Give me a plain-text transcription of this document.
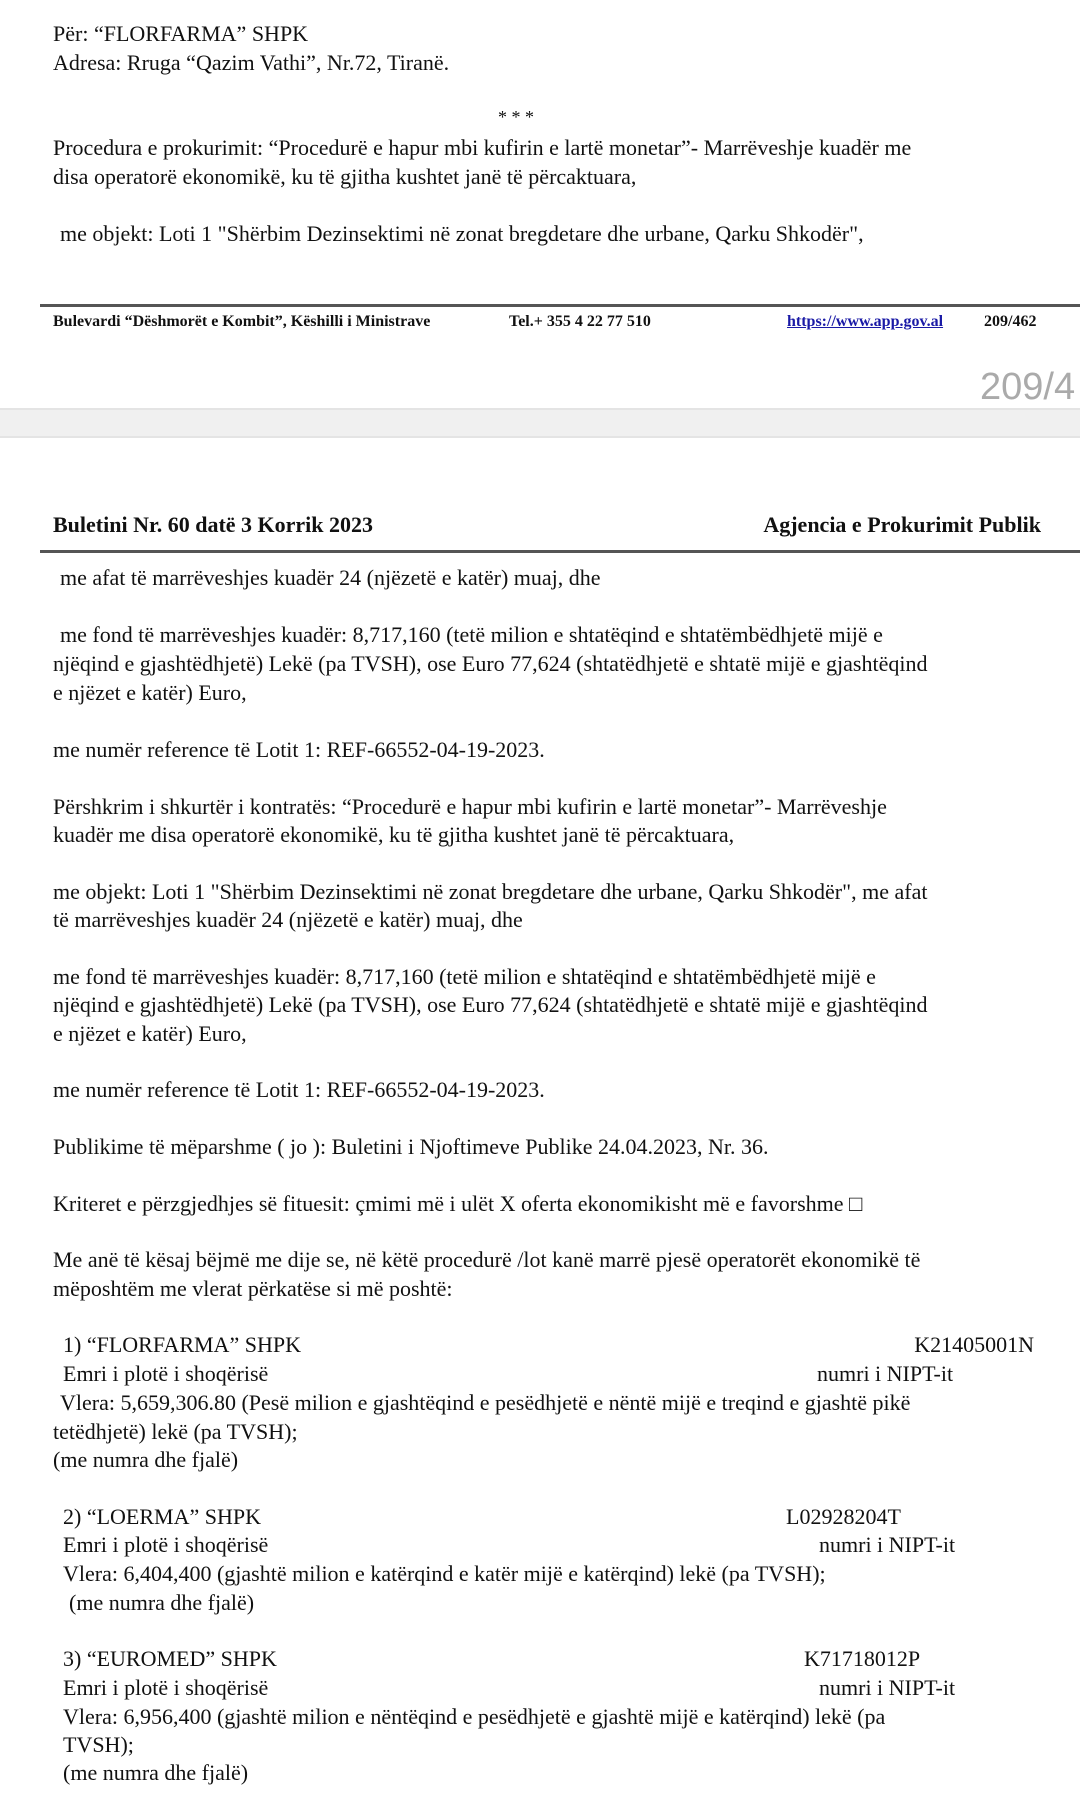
Për: “FLORFARMA” SHPK
Adresa: Rruga “Qazim Vathi”, Nr.72, Tiranë.
* * *
Procedura e prokurimit: “Procedurë e hapur mbi kufirin e lartë monetar”- Marrëveshje kuadër me
disa operatorë ekonomikë, ku të gjitha kushtet janë të përcaktuara,
me objekt: Loti 1 "Shërbim Dezinsektimi në zonat bregdetare dhe urbane, Qarku Shkodër",
Bulevardi “Dëshmorët e Kombit”, Këshilli i Ministrave	Tel.+ 355 4 22 77 510	https://www.app.gov.al	209/462
209/4
Buletini Nr. 60 datë 3 Korrik 2023	Agjencia e Prokurimit Publik
me afat të marrëveshjes kuadër 24 (njëzetë e katër) muaj, dhe
me fond të marrëveshjes kuadër: 8,717,160 (tetë milion e shtatëqind e shtatëmbëdhjetë mijë e
njëqind e gjashtëdhjetë) Lekë (pa TVSH), ose Euro 77,624 (shtatëdhjetë e shtatë mijë e gjashtëqind
e njëzet e katër) Euro,
me numër reference të Lotit 1: REF-66552-04-19-2023.
Përshkrim i shkurtër i kontratës: “Procedurë e hapur mbi kufirin e lartë monetar”- Marrëveshje
kuadër me disa operatorë ekonomikë, ku të gjitha kushtet janë të përcaktuara,
me objekt: Loti 1 "Shërbim Dezinsektimi në zonat bregdetare dhe urbane, Qarku Shkodër", me afat
të marrëveshjes kuadër 24 (njëzetë e katër) muaj, dhe
me fond të marrëveshjes kuadër: 8,717,160 (tetë milion e shtatëqind e shtatëmbëdhjetë mijë e
njëqind e gjashtëdhjetë) Lekë (pa TVSH), ose Euro 77,624 (shtatëdhjetë e shtatë mijë e gjashtëqind
e njëzet e katër) Euro,
me numër reference të Lotit 1: REF-66552-04-19-2023.
Publikime të mëparshme ( jo ): Buletini i Njoftimeve Publike 24.04.2023, Nr. 36.
Kriteret e përzgjedhjes së fituesit: çmimi më i ulët X oferta ekonomikisht më e favorshme □
Me anë të kësaj bëjmë me dije se, në këtë procedurë /lot kanë marrë pjesë operatorët ekonomikë të
mëposhtëm me vlerat përkatëse si më poshtë:
1) “FLORFARMA” SHPK	K21405001N
Emri i plotë i shoqërisë	numri i NIPT-it
Vlera: 5,659,306.80 (Pesë milion e gjashtëqind e pesëdhjetë e nëntë mijë e treqind e gjashtë pikë
tetëdhjetë) lekë (pa TVSH);
(me numra dhe fjalë)
2) “LOERMA” SHPK	L02928204T
Emri i plotë i shoqërisë	numri i NIPT-it
Vlera: 6,404,400 (gjashtë milion e katërqind e katër mijë e katërqind) lekë (pa TVSH);
(me numra dhe fjalë)
3) “EUROMED” SHPK	K71718012P
Emri i plotë i shoqërisë	numri i NIPT-it
Vlera: 6,956,400 (gjashtë milion e nëntëqind e pesëdhjetë e gjashtë mijë e katërqind) lekë (pa
TVSH);
(me numra dhe fjalë)
